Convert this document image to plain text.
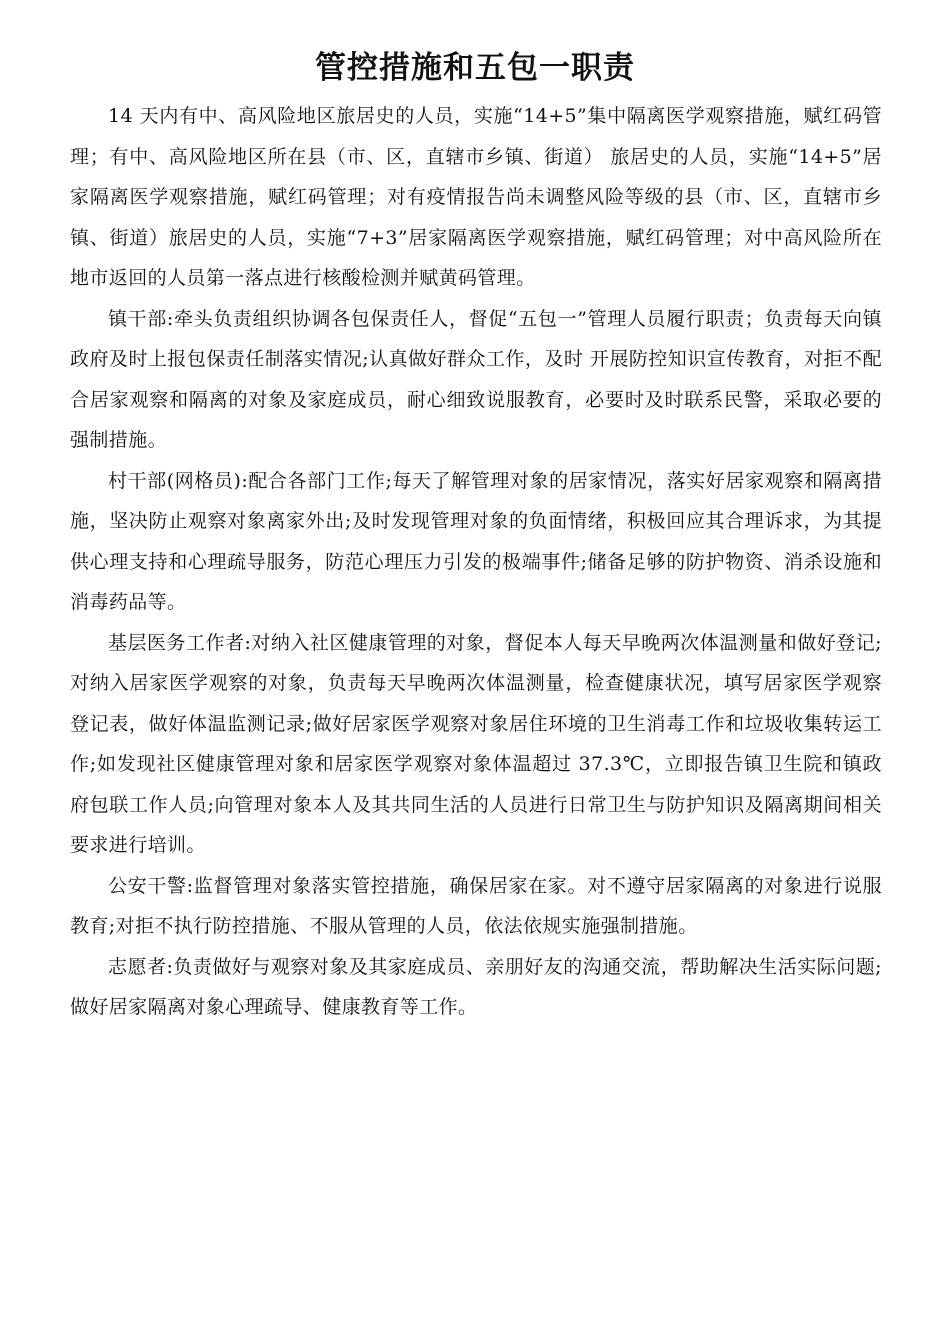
管控措施和五包一职责

14 天内有中、高风险地区旅居史的人员，实施“14+5”集中隔离医学观察措施，赋红码管理；有中、高风险地区所在县（市、区，直辖市乡镇、街道） 旅居史的人员，实施“14+5”居家隔离医学观察措施，赋红码管理；对有疫情报告尚未调整风险等级的县（市、区，直辖市乡镇、街道）旅居史的人员，实施“7+3”居家隔离医学观察措施，赋红码管理；对中高风险所在地市返回的人员第一落点进行核酸检测并赋黄码管理。

镇干部:牵头负责组织协调各包保责任人，督促“五包一”管理人员履行职责；负责每天向镇政府及时上报包保责任制落实情况;认真做好群众工作，及时 开展防控知识宣传教育，对拒不配合居家观察和隔离的对象及家庭成员，耐心细致说服教育，必要时及时联系民警，采取必要的强制措施。

村干部(网格员):配合各部门工作;每天了解管理对象的居家情况，落实好居家观察和隔离措施，坚决防止观察对象离家外出;及时发现管理对象的负面情绪，积极回应其合理诉求，为其提供心理支持和心理疏导服务，防范心理压力引发的极端事件;储备足够的防护物资、消杀设施和消毒药品等。

基层医务工作者:对纳入社区健康管理的对象，督促本人每天早晚两次体温测量和做好登记;对纳入居家医学观察的对象，负责每天早晚两次体温测量，检查健康状况，填写居家医学观察登记表，做好体温监测记录;做好居家医学观察对象居住环境的卫生消毒工作和垃圾收集转运工作;如发现社区健康管理对象和居家医学观察对象体温超过 37.3℃，立即报告镇卫生院和镇政府包联工作人员;向管理对象本人及其共同生活的人员进行日常卫生与防护知识及隔离期间相关要求进行培训。

公安干警:监督管理对象落实管控措施，确保居家在家。对不遵守居家隔离的对象进行说服教育;对拒不执行防控措施、不服从管理的人员，依法依规实施强制措施。

志愿者:负责做好与观察对象及其家庭成员、亲朋好友的沟通交流，帮助解决生活实际问题;做好居家隔离对象心理疏导、健康教育等工作。
